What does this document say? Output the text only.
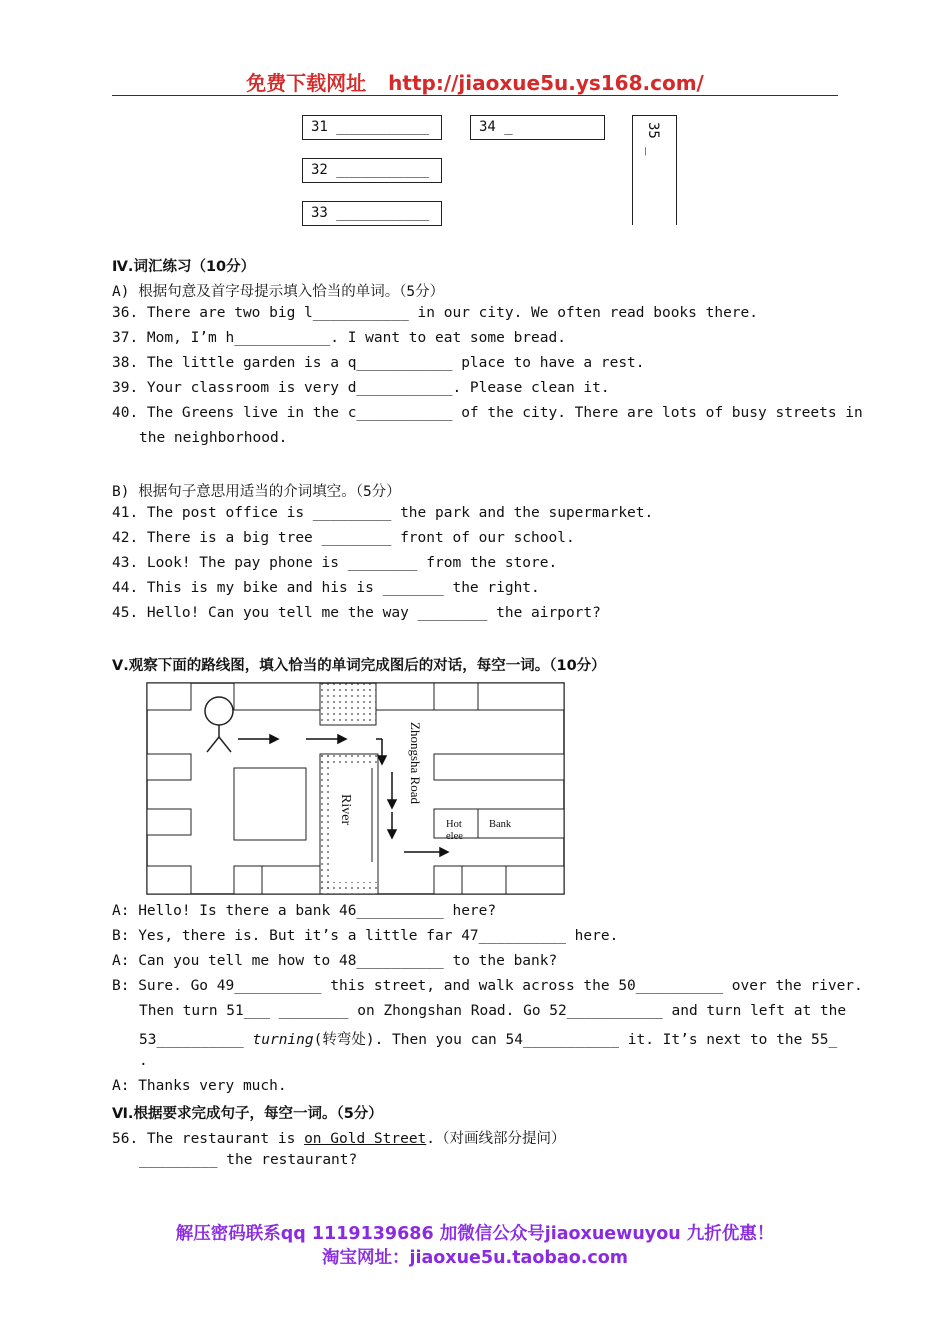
免费下载网址 http://jiaoxue5u.ys168.com/
31 ___________
32 ___________
33 ___________
34 _	35 _
Ⅳ.词汇练习（10分）
A) 根据句意及首字母提示填入恰当的单词。（5分）
36. There are two big l___________ in our city. We often read books there.
37. Mom, I’m h___________. I want to eat some bread.
38. The little garden is a q___________ place to have a rest.
39. Your classroom is very d___________. Please clean it.
40. The Greens live in the c___________ of the city. There are lots of busy streets in
the neighborhood.
B) 根据句子意思用适当的介词填空。（5分）
41. The post office is _________ the park and the supermarket.
42. There is a big tree ________ front of our school.
43. Look! The pay phone is ________ from the store.
44. This is my bike and his is _______ the right.
45. Hello! Can you tell me the way ________ the airport?
Ⅴ.观察下面的路线图，填入恰当的单词完成图后的对话，每空一词。（10分）
Zhongsha Road
River	Hot
elee
Bank
A: Hello! Is there a bank 46__________ here?
B: Yes, there is. But it’s a little far 47__________ here.
A: Can you tell me how to 48__________ to the bank?
B: Sure. Go 49__________ this street, and walk across the 50__________ over the river.
Then turn 51___ ________ on Zhongshan Road. Go 52___________ and turn left at the
53__________ turning(转弯处). Then you can 54___________ it. It’s next to the 55_
.
A: Thanks very much.
Ⅵ.根据要求完成句子，每空一词。（5分）
56. The restaurant is on Gold Street.（对画线部分提问）
_________ the restaurant?
解压密码联系qq 1119139686 加微信公众号jiaoxuewuyou 九折优惠！
淘宝网址：jiaoxue5u.taobao.com
